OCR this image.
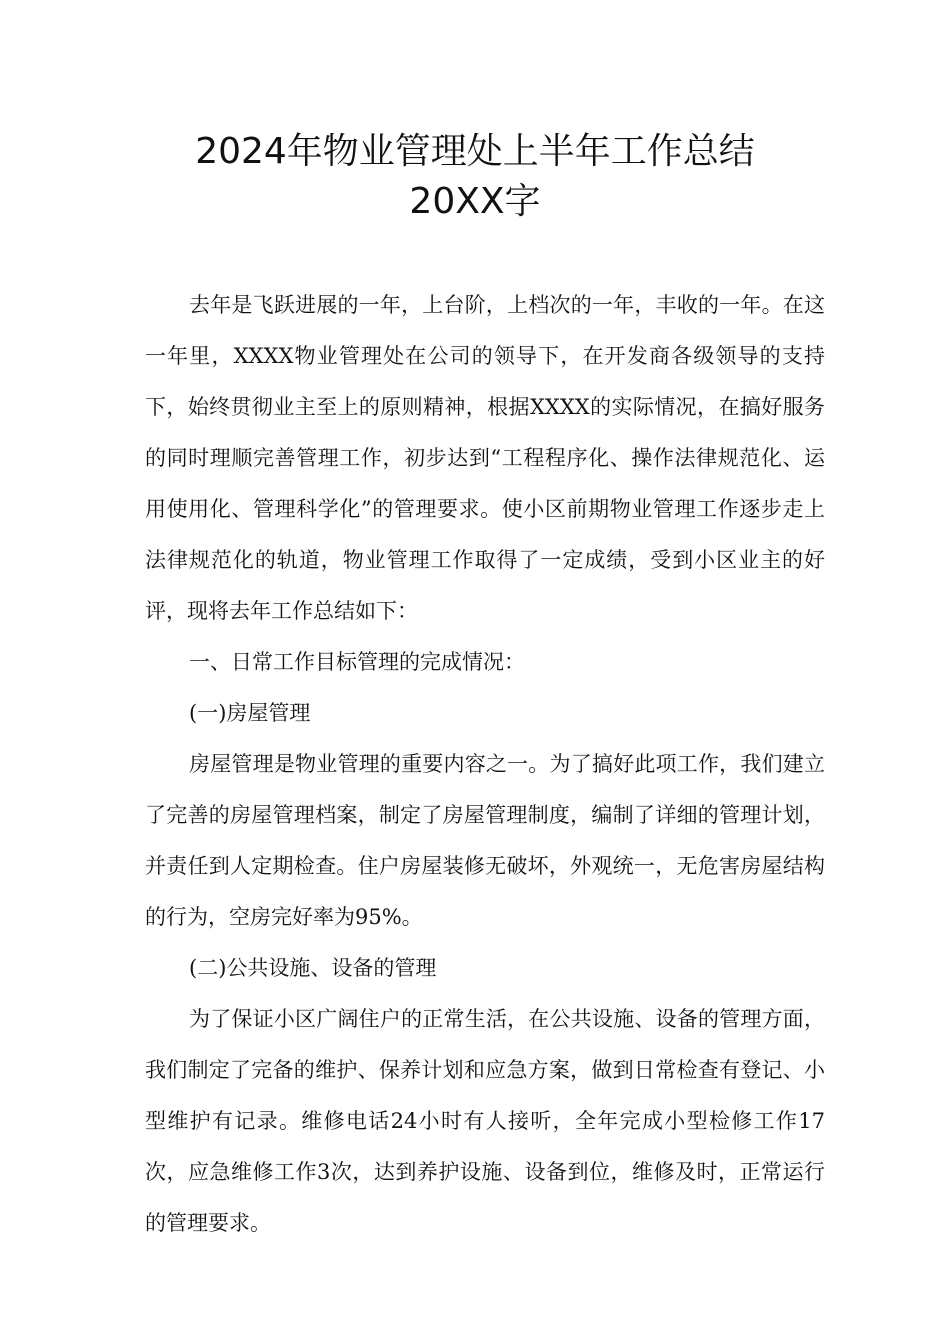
2024年物业管理处上半年工作总结
20XX字

去年是飞跃进展的一年，上台阶，上档次的一年，丰收的一年。在这一年里，XXXX物业管理处在公司的领导下，在开发商各级领导的支持下，始终贯彻业主至上的原则精神，根据XXXX的实际情况，在搞好服务的同时理顺完善管理工作，初步达到“工程程序化、操作法律规范化、运用使用化、管理科学化”的管理要求。使小区前期物业管理工作逐步走上法律规范化的轨道，物业管理工作取得了一定成绩，受到小区业主的好评，现将去年工作总结如下：

一、日常工作目标管理的完成情况：

(一)房屋管理

房屋管理是物业管理的重要内容之一。为了搞好此项工作，我们建立了完善的房屋管理档案，制定了房屋管理制度，编制了详细的管理计划，并责任到人定期检查。住户房屋装修无破坏，外观统一，无危害房屋结构的行为，空房完好率为95%。

(二)公共设施、设备的管理

为了保证小区广阔住户的正常生活，在公共设施、设备的管理方面，我们制定了完备的维护、保养计划和应急方案，做到日常检查有登记、小型维护有记录。维修电话24小时有人接听，全年完成小型检修工作17次，应急维修工作3次，达到养护设施、设备到位，维修及时，正常运行的管理要求。
